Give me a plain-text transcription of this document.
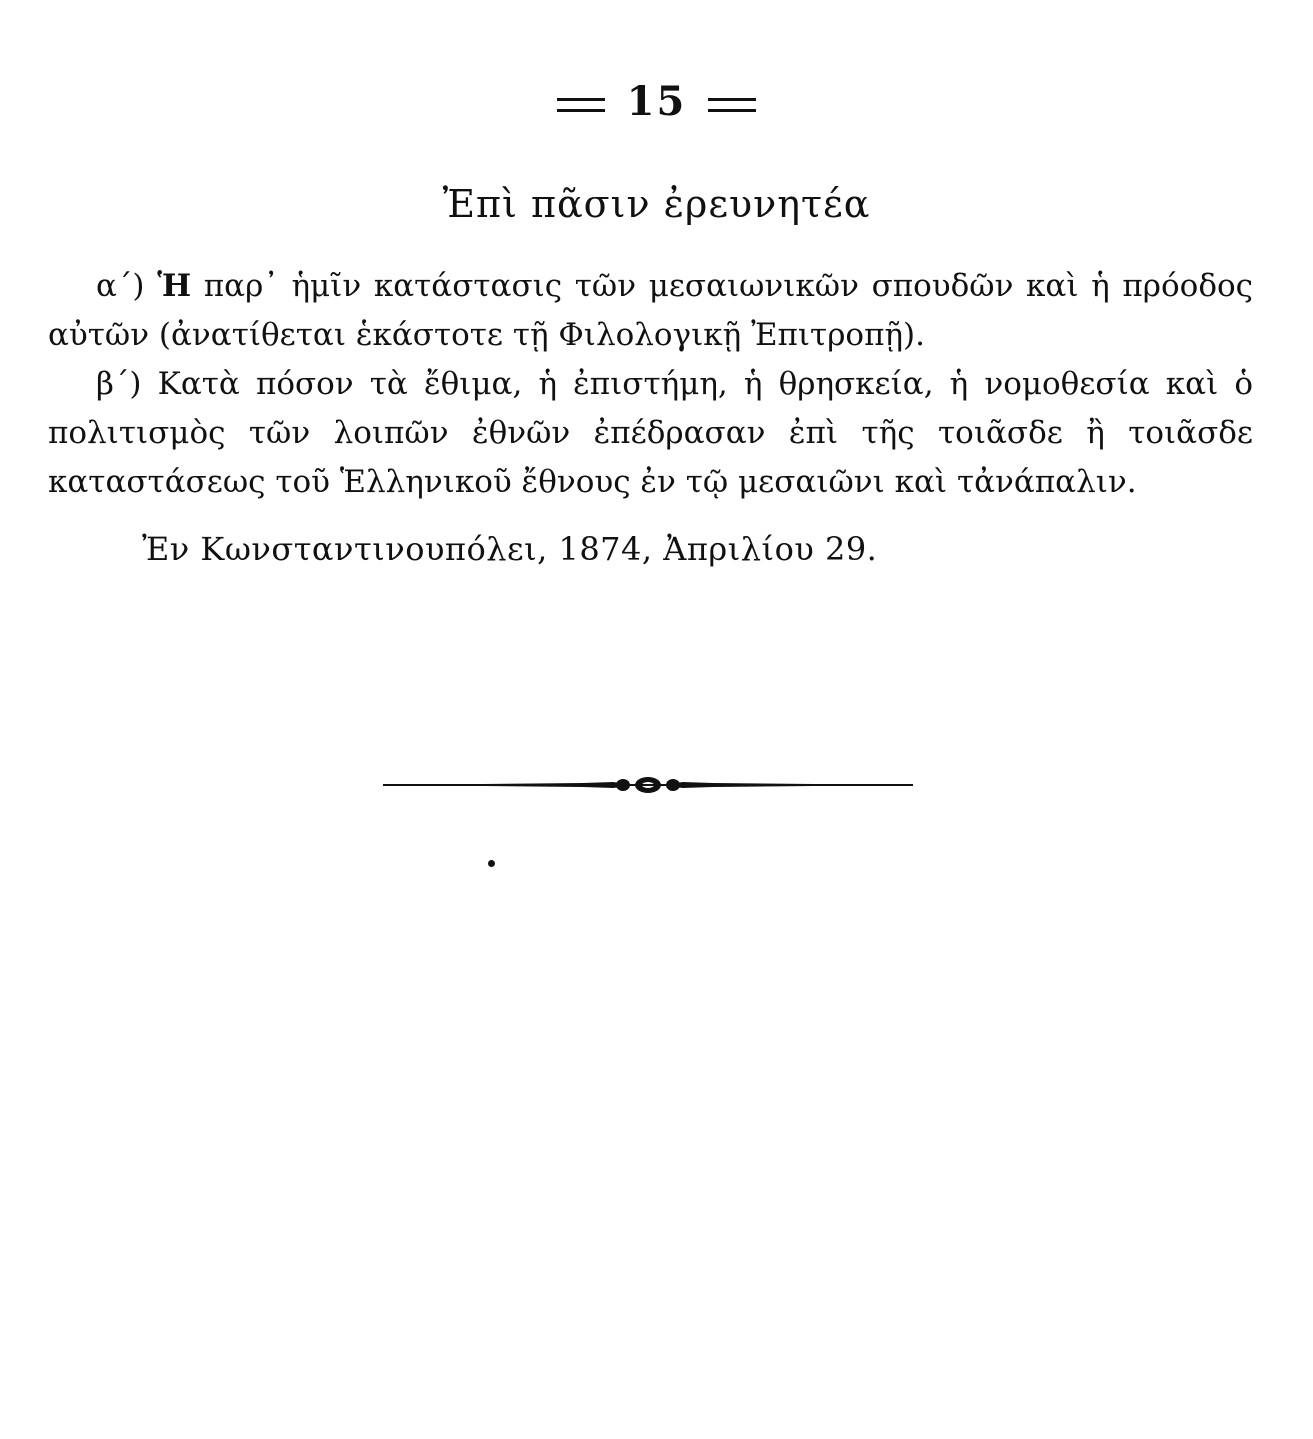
15
Ἐπὶ πᾶσιν ἐρευνητέα

α΄) Ἡ παρ᾽ ἡμῖν κατάστασις τῶν μεσαιωνικῶν σπουδῶν καὶ ἡ πρόοδος αὐτῶν (ἀνατίθεται ἑκάστοτε τῇ Φιλολογικῇ Ἐπιτροπῇ).

β΄) Κατὰ πόσον τὰ ἔθιμα, ἡ ἐπιστήμη, ἡ θρησκεία, ἡ νομοθεσία καὶ ὁ πολιτισμὸς τῶν λοιπῶν ἐθνῶν ἐπέδρασαν ἐπὶ τῆς τοιᾶσδε ἢ τοιᾶσδε καταστάσεως τοῦ Ἑλληνικοῦ ἔθνους ἐν τῷ μεσαιῶνι καὶ τἀνάπαλιν.

Ἐν Κωνσταντινουπόλει, 1874, Ἀπριλίου 29.
